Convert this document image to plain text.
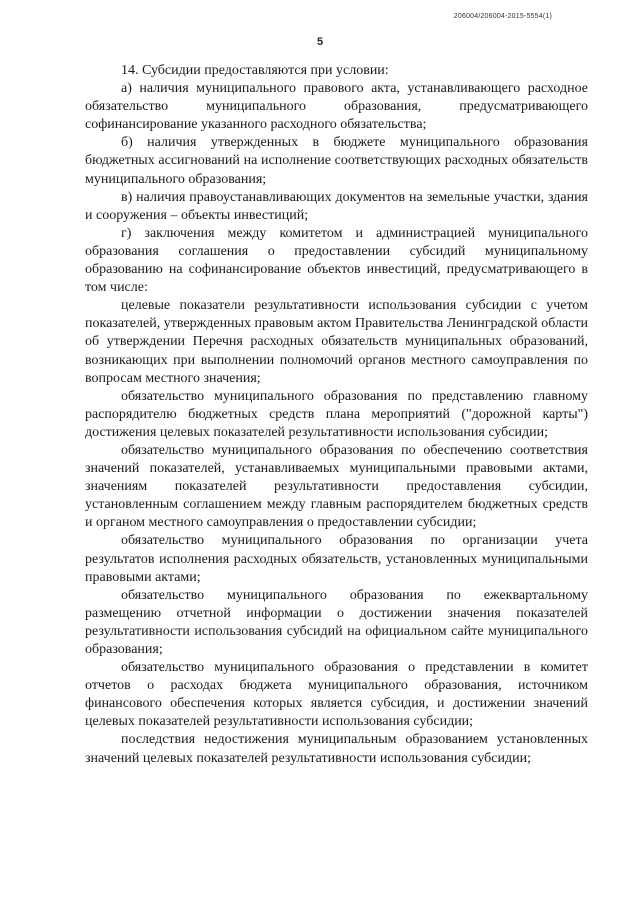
206004/206004-2015-5554(1)
5

14. Субсидии предоставляются при условии:

а) наличия муниципального правового акта, устанавливающего расходное обязательство муниципального образования, предусматривающего софинансирование указанного расходного обязательства;

б) наличия утвержденных в бюджете муниципального образования бюджетных ассигнований на исполнение соответствующих расходных обязательств муниципального образования;

в) наличия правоустанавливающих документов на земельные участки, здания и сооружения – объекты инвестиций;

г) заключения между комитетом и администрацией муниципального образования соглашения о предоставлении субсидий муниципальному образованию на софинансирование объектов инвестиций, предусматривающего в том числе:

целевые показатели результативности использования субсидии с учетом показателей, утвержденных правовым актом Правительства Ленинградской области об утверждении Перечня расходных обязательств муниципальных образований, возникающих при выполнении полномочий органов местного самоуправления по вопросам местного значения;

обязательство муниципального образования по представлению главному распорядителю бюджетных средств плана мероприятий ("дорожной карты") достижения целевых показателей результативности использования субсидии;

обязательство муниципального образования по обеспечению соответствия значений показателей, устанавливаемых муниципальными правовыми актами, значениям показателей результативности предоставления субсидии, установленным соглашением между главным распорядителем бюджетных средств и органом местного самоуправления о предоставлении субсидии;

обязательство муниципального образования по организации учета результатов исполнения расходных обязательств, установленных муниципальными правовыми актами;

обязательство муниципального образования по ежеквартальному размещению отчетной информации о достижении значения показателей результативности использования субсидий на официальном сайте муниципального образования;

обязательство муниципального образования о представлении в комитет отчетов о расходах бюджета муниципального образования, источником финансового обеспечения которых является субсидия, и достижении значений целевых показателей результативности использования субсидии;

последствия недостижения муниципальным образованием установленных значений целевых показателей результативности использования субсидии;
